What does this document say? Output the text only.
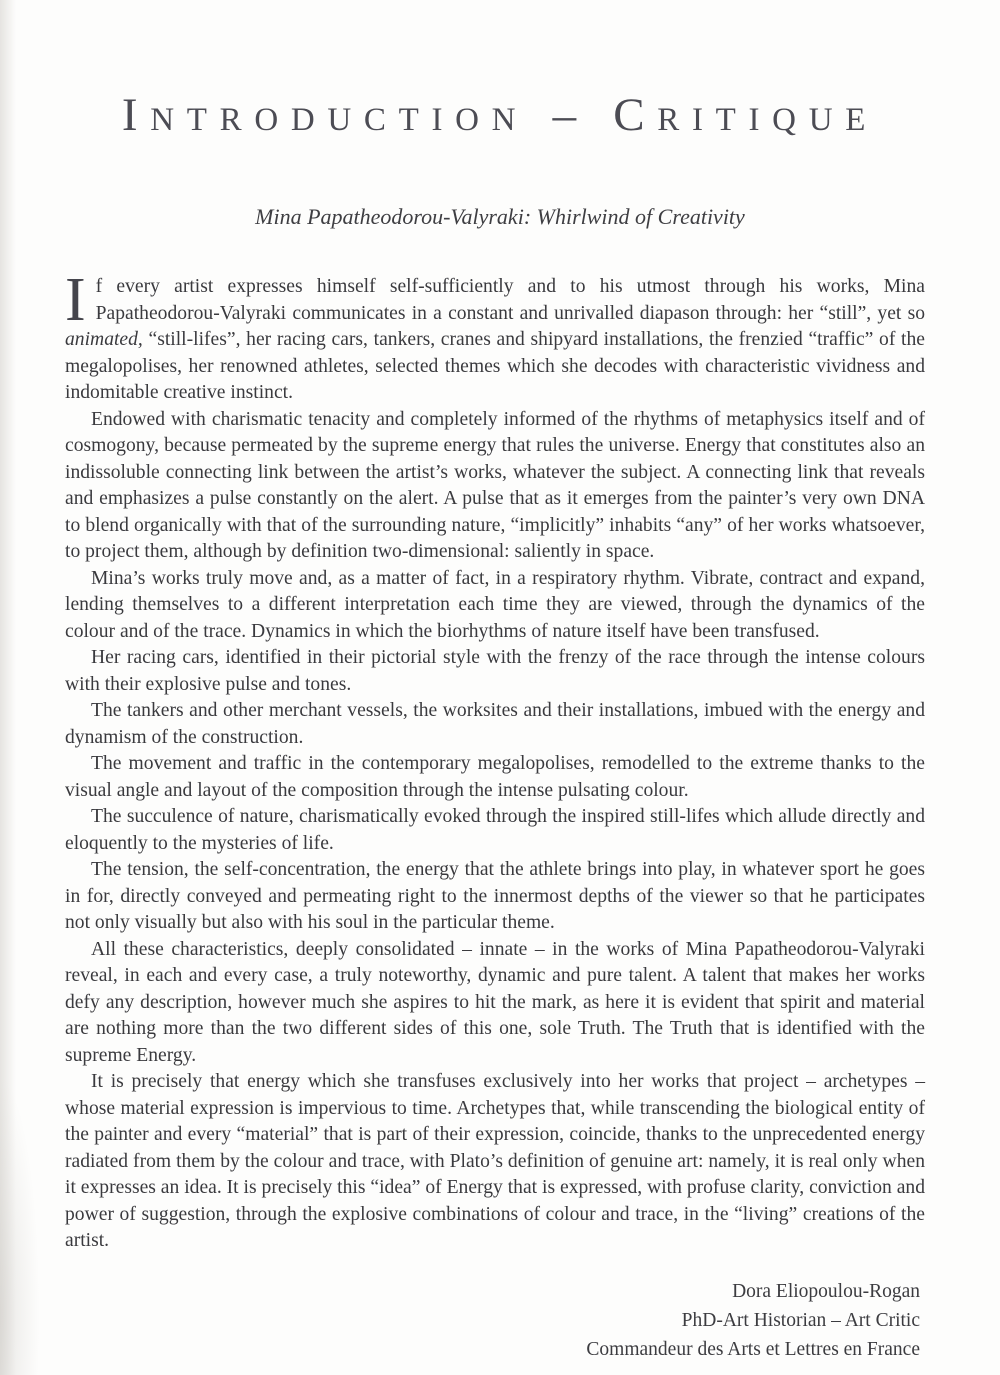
Introduction – Critique
Mina Papatheodorou-Valyraki: Whirlwind of Creativity

If every artist expresses himself self-sufficiently and to his utmost through his works, Mina Papatheodorou-Valyraki communicates in a constant and unrivalled diapason through: her “still”, yet so animated, “still-lifes”, her racing cars, tankers, cranes and shipyard installations, the frenzied “traffic” of the megalopolises, her renowned athletes, selected themes which she decodes with characteristic vividness and indomitable creative instinct.

Endowed with charismatic tenacity and completely informed of the rhythms of metaphysics itself and of cosmogony, because permeated by the supreme energy that rules the universe. Energy that constitutes also an indissoluble connecting link between the artist’s works, whatever the subject. A connecting link that reveals and emphasizes a pulse constantly on the alert. A pulse that as it emerges from the painter’s very own DNA to blend organically with that of the surrounding nature, “implicitly” inhabits “any” of her works whatsoever, to project them, although by definition two-dimensional: saliently in space.

Mina’s works truly move and, as a matter of fact, in a respiratory rhythm. Vibrate, contract and expand, lending themselves to a different interpretation each time they are viewed, through the dynamics of the colour and of the trace. Dynamics in which the biorhythms of nature itself have been transfused.

Her racing cars, identified in their pictorial style with the frenzy of the race through the intense colours with their explosive pulse and tones.

The tankers and other merchant vessels, the worksites and their installations, imbued with the energy and dynamism of the construction.

The movement and traffic in the contemporary megalopolises, remodelled to the extreme thanks to the visual angle and layout of the composition through the intense pulsating colour.

The succulence of nature, charismatically evoked through the inspired still-lifes which allude directly and eloquently to the mysteries of life.

The tension, the self-concentration, the energy that the athlete brings into play, in whatever sport he goes in for, directly conveyed and permeating right to the innermost depths of the viewer so that he participates not only visually but also with his soul in the particular theme.

All these characteristics, deeply consolidated – innate – in the works of Mina Papatheodorou-Valyraki reveal, in each and every case, a truly noteworthy, dynamic and pure talent. A talent that makes her works defy any description, however much she aspires to hit the mark, as here it is evident that spirit and material are nothing more than the two different sides of this one, sole Truth. The Truth that is identified with the supreme Energy.

It is precisely that energy which she transfuses exclusively into her works that project – archetypes – whose material expression is impervious to time. Archetypes that, while transcending the biological entity of the painter and every “material” that is part of their expression, coincide, thanks to the unprecedented energy radiated from them by the colour and trace, with Plato’s definition of genuine art: namely, it is real only when it expresses an idea. It is precisely this “idea” of Energy that is expressed, with profuse clarity, conviction and power of suggestion, through the explosive combinations of colour and trace, in the “living” creations of the artist.

Dora Eliopoulou-Rogan
PhD-Art Historian – Art Critic
Commandeur des Arts et Lettres en France
